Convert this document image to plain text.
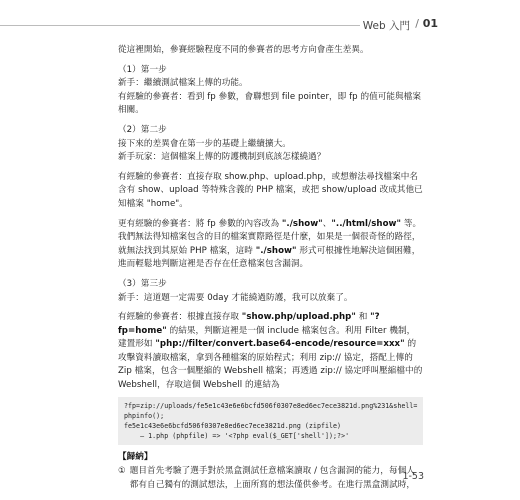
Web 入門 / 01

從這裡開始，參賽經驗程度不同的參賽者的思考方向會產生差異。

（1）第一步

新手：繼續測試檔案上傳的功能。

有經驗的參賽者：看到 fp 參數，會聯想到 file pointer，即 fp 的值可能與檔案相關。

（2）第二步

接下來的差異會在第一步的基礎上繼續擴大。

新手玩家：這個檔案上傳的防護機制到底該怎樣繞過？

有經驗的參賽者：直接存取 show.php、upload.php，或想辦法尋找檔案中名含有 show、upload 等特殊含義的 PHP 檔案，或把 show/upload 改成其他已知檔案 "home"。

更有經驗的參賽者：將 fp 參數的內容改為 "./show"、"../html/show" 等。我們無法得知檔案包含的目的檔案實際路徑是什麼，如果是一個很奇怪的路徑，就無法找到其原始 PHP 檔案，這時 "./show" 形式可根據性地解決這個困難，進而輕鬆地判斷這裡是否存在任意檔案包含漏洞。

（3）第三步

新手：這道題一定需要 0day 才能繞過防護，我可以放棄了。

有經驗的參賽者：根據直接存取 "show.php/upload.php" 和 "?fp=home" 的結果，判斷這裡是一個 include 檔案包含。利用 Filter 機制，建置形如 "php://filter/convert.base64-encode/resource=xxx" 的攻擊資料讀取檔案，拿到各種檔案的原始程式；利用 zip:// 協定，搭配上傳的 Zip 檔案，包含一個壓縮的 Webshell 檔案；再透過 zip:// 協定呼叫壓縮檔中的 Webshell，存取這個 Webshell 的連結為

?fp=zip://uploads/fe5e1c43e6e6bcfd506f0307e8ed6ec7ece3821d.png%231&shell=
phpinfo();
fe5e1c43e6e6bcfd506f0307e8ed6ec7ece3821d.png (zipfile)
— 1.php (phpfile) => '<?php eval($_GET['shell']);?>'
【歸納】
① 題目首先考驗了選手對於黑盒測試任意檔案讀取 / 包含漏洞的能力，每個人都有自己獨有的測試想法，上面所寫的想法僅供參考。在進行黑盒測試時，
1-53
